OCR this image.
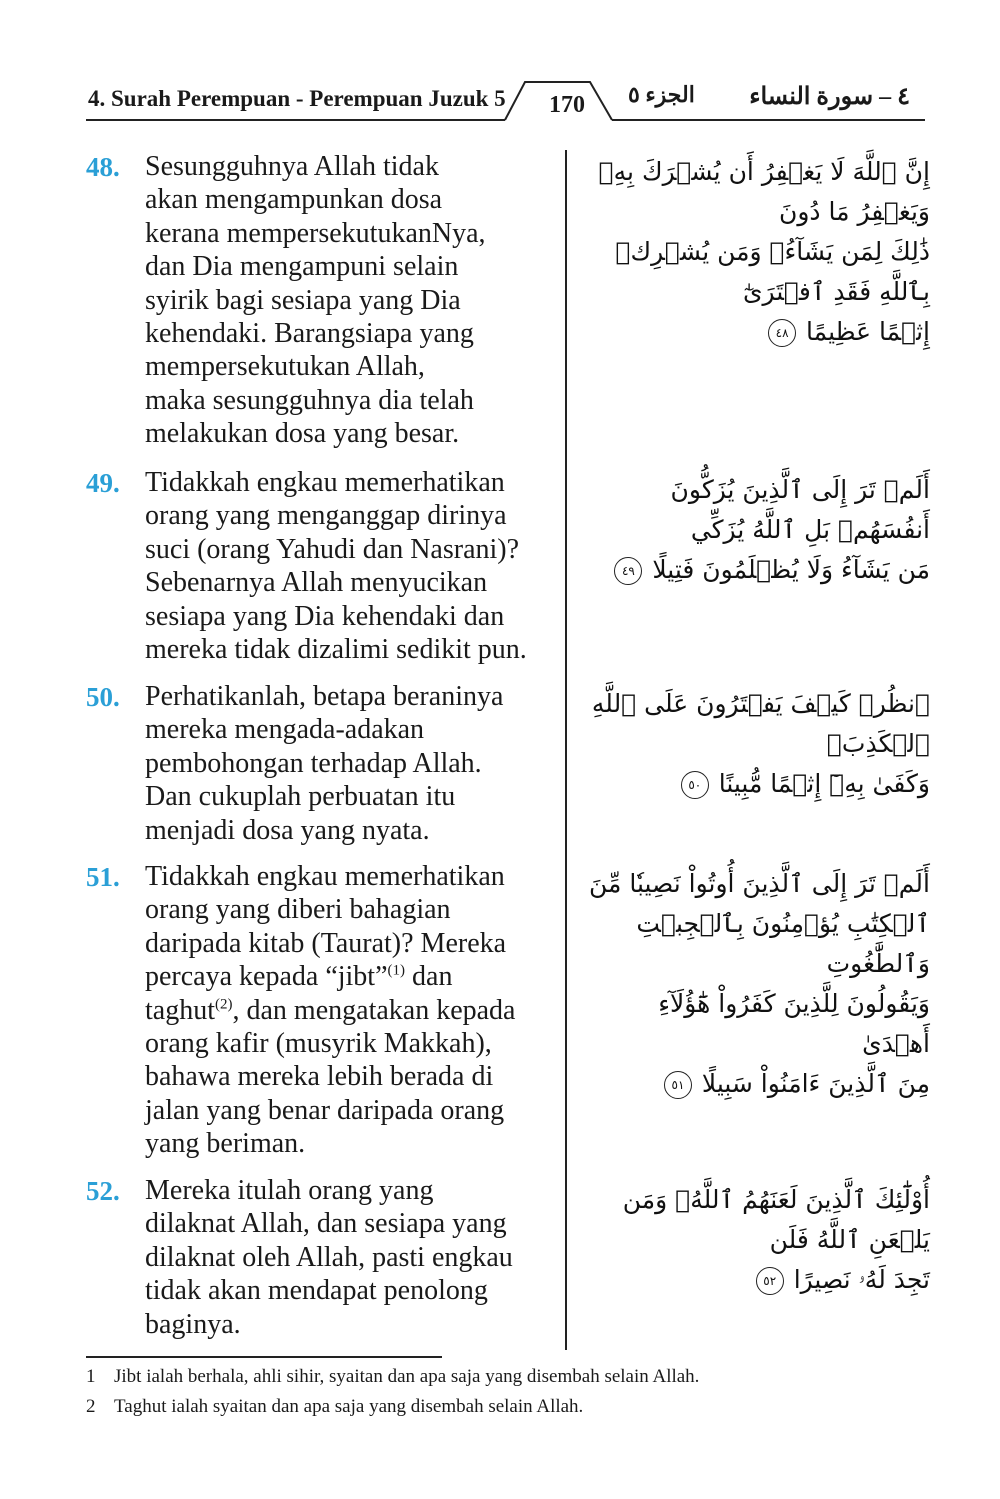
4. Surah Perempuan - Perempuan Juzuk 5	170	الجزء ٥ ٤ – سورة النساء
48. Sesungguhnya Allah tidak
akan mengampunkan dosa
kerana mempersekutukanNya,
dan Dia mengampuni selain
syirik bagi sesiapa yang Dia
kehendaki. Barangsiapa yang
mempersekutukan Allah,
maka sesungguhnya dia telah
melakukan dosa yang besar.
إِنَّ ٱللَّهَ لَا يَغۡفِرُ أَن يُشۡرَكَ بِهِۦ وَيَغۡفِرُ مَا دُونَ
ذَٰلِكَ لِمَن يَشَآءُۚ وَمَن يُشۡرِكۡ بِٱللَّهِ فَقَدِ ٱفۡتَرَىٰٓ
إِثۡمًا عَظِيمًا ٤٨
49. Tidakkah engkau memerhatikan
orang yang menganggap dirinya
suci (orang Yahudi dan Nasrani)?
Sebenarnya Allah menyucikan
sesiapa yang Dia kehendaki dan
mereka tidak dizalimi sedikit pun.
أَلَمۡ تَرَ إِلَى ٱلَّذِينَ يُزَكُّونَ أَنفُسَهُمۚ بَلِ ٱللَّهُ يُزَكِّي
مَن يَشَآءُ وَلَا يُظۡلَمُونَ فَتِيلًا ٤٩
50. Perhatikanlah, betapa beraninya
mereka mengada-adakan
pembohongan terhadap Allah.
Dan cukuplah perbuatan itu
menjadi dosa yang nyata.
ٱنظُرۡ كَيۡفَ يَفۡتَرُونَ عَلَى ٱللَّهِ ٱلۡكَذِبَۖ
وَكَفَىٰ بِهِۦٓ إِثۡمًا مُّبِينًا ٥٠
51. Tidakkah engkau memerhatikan
orang yang diberi bahagian
daripada kitab (Taurat)? Mereka
percaya kepada “jibt”$^{(1)}$ dan
taghut$^{(2)}$, dan mengatakan kepada
orang kafir (musyrik Makkah),
bahawa mereka lebih berada di
jalan yang benar daripada orang
yang beriman.
أَلَمۡ تَرَ إِلَى ٱلَّذِينَ أُوتُواْ نَصِيبٗا مِّنَ
ٱلۡكِتَٰبِ يُؤۡمِنُونَ بِٱلۡجِبۡتِ وَٱلطَّٰغُوتِ
وَيَقُولُونَ لِلَّذِينَ كَفَرُواْ هَٰٓؤُلَآءِ أَهۡدَىٰ
مِنَ ٱلَّذِينَ ءَامَنُواْ سَبِيلًا ٥١
52. Mereka itulah orang yang
dilaknat Allah, dan sesiapa yang
dilaknat oleh Allah, pasti engkau
tidak akan mendapat penolong
baginya.
أُوْلَٰٓئِكَ ٱلَّذِينَ لَعَنَهُمُ ٱللَّهُۖ وَمَن يَلۡعَنِ ٱللَّهُ فَلَن
تَجِدَ لَهُۥ نَصِيرًا ٥٢
1 Jibt ialah berhala, ahli sihir, syaitan dan apa saja yang disembah selain Allah.
2 Taghut ialah syaitan dan apa saja yang disembah selain Allah.
